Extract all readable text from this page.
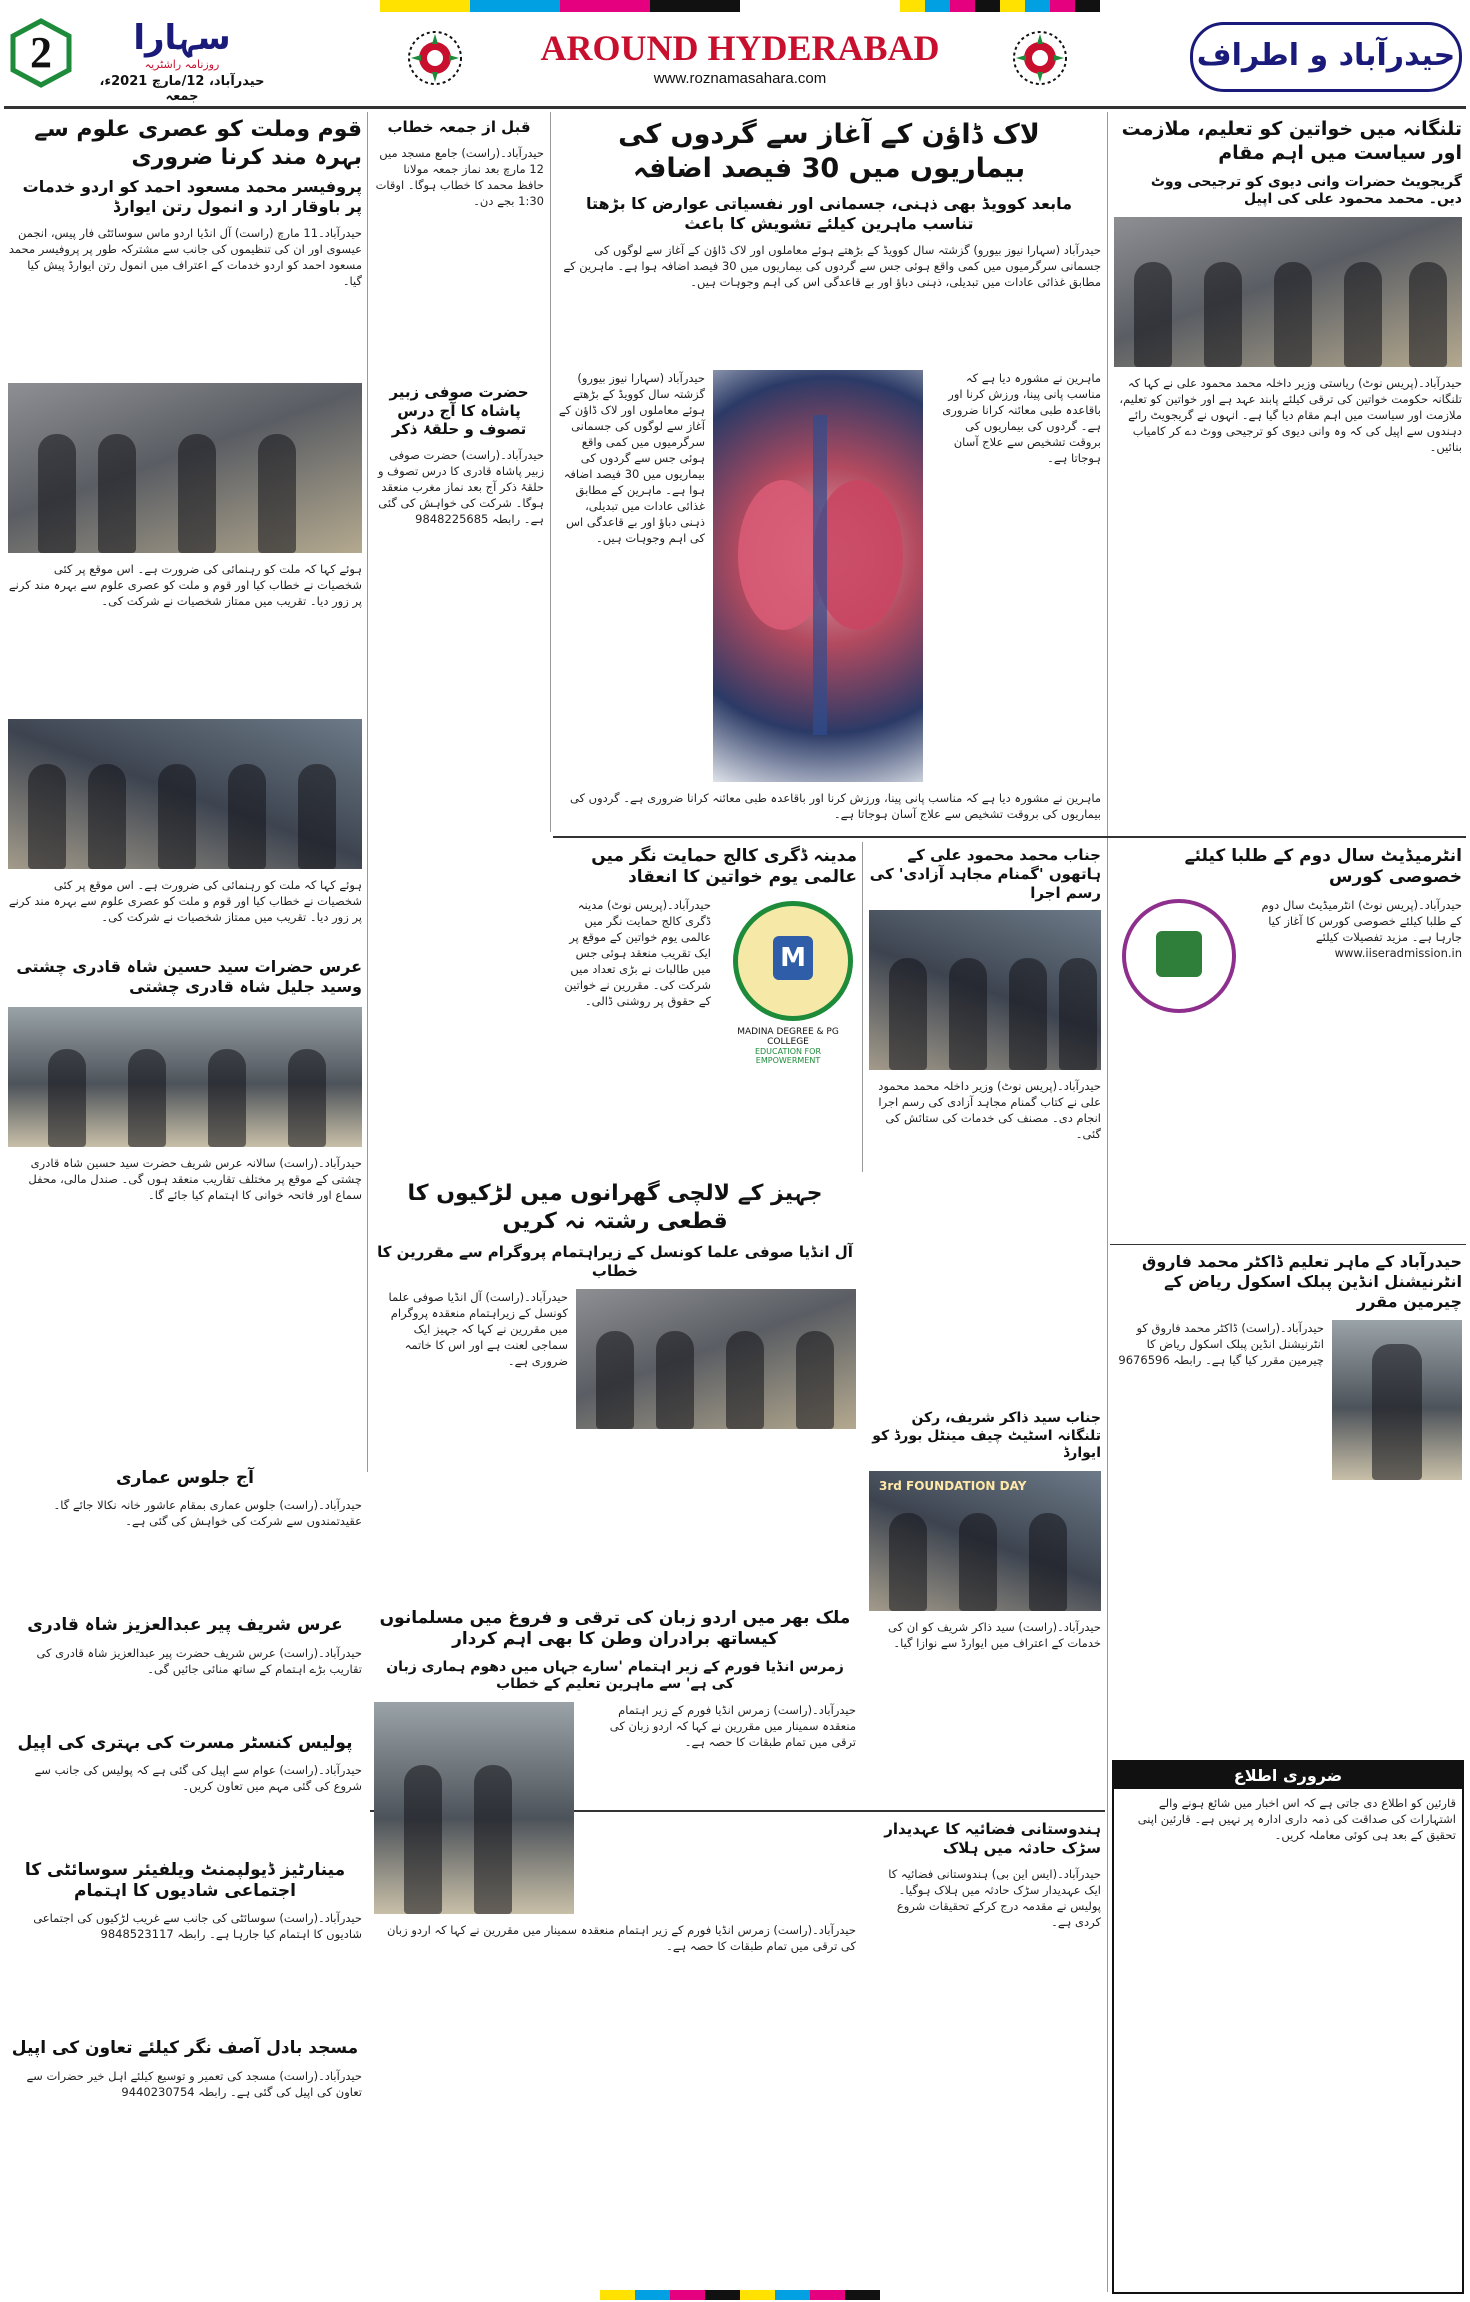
2	سہارا
روزنامہ راشٹریہ
حیدرآباد، 12/مارچ 2021ء، جمعہ
AROUND HYDERABAD
www.roznamasahara.com
حیدرآباد و اطراف
قوم وملت کو عصری علوم سے بہرہ مند کرنا ضروری
پروفیسر محمد مسعود احمد کو اردو خدمات پر باوقار ارد و انمول رتن ایوارڈ
حیدرآباد۔11 مارچ (راست) آل انڈیا اردو ماس سوسائٹی فار پیس، انجمن عیسوی اور ان کی تنظیموں کی جانب سے مشترکہ طور پر پروفیسر محمد مسعود احمد کو اردو خدمات کے اعتراف میں انمول رتن ایوارڈ پیش کیا گیا۔
ہوئے کہا کہ ملت کو رہنمائی کی ضرورت ہے۔ اس موقع پر کئی شخصیات نے خطاب کیا اور قوم و ملت کو عصری علوم سے بہرہ مند کرنے پر زور دیا۔ تقریب میں ممتاز شخصیات نے شرکت کی۔
ہوئے کہا کہ ملت کو رہنمائی کی ضرورت ہے۔ اس موقع پر کئی شخصیات نے خطاب کیا اور قوم و ملت کو عصری علوم سے بہرہ مند کرنے پر زور دیا۔ تقریب میں ممتاز شخصیات نے شرکت کی۔
عرس حضرات سید حسین شاہ قادری چشتی وسید جلیل شاہ قادری چشتی
حیدرآباد۔(راست) سالانہ عرس شریف حضرت سید حسین شاہ قادری چشتی کے موقع پر مختلف تقاریب منعقد ہوں گی۔ صندل مالی، محفل سماع اور فاتحہ خوانی کا اہتمام کیا جائے گا۔
آج جلوس عماری
حیدرآباد۔(راست) جلوس عماری بمقام عاشور خانہ نکالا جائے گا۔ عقیدتمندوں سے شرکت کی خواہش کی گئی ہے۔
عرس شریف پیر عبدالعزیز شاہ قادری
حیدرآباد۔(راست) عرس شریف حضرت پیر عبدالعزیز شاہ قادری کی تقاریب بڑے اہتمام کے ساتھ منائی جائیں گی۔
پولیس کنسٹر مسرت کی بہتری کی اپیل
حیدرآباد۔(راست) عوام سے اپیل کی گئی ہے کہ پولیس کی جانب سے شروع کی گئی مہم میں تعاون کریں۔
مینارٹیز ڈیولپمنٹ ویلفیئر سوسائٹی کا اجتماعی شادیوں کا اہتمام
حیدرآباد۔(راست) سوسائٹی کی جانب سے غریب لڑکیوں کی اجتماعی شادیوں کا اہتمام کیا جارہا ہے۔ رابطہ 9848523117
مسجد بادل آصف نگر کیلئے تعاون کی اپیل
حیدرآباد۔(راست) مسجد کی تعمیر و توسیع کیلئے اہل خیر حضرات سے تعاون کی اپیل کی گئی ہے۔ رابطہ 9440230754
قبل از جمعہ خطاب
حیدرآباد۔(راست) جامع مسجد میں 12 مارچ بعد نماز جمعہ مولانا حافظ محمد کا خطاب ہوگا۔ اوقات 1:30 بجے دن۔
حضرت صوفی زبیر پاشاہ کا آج درس تصوف و حلقۂ ذکر
حیدرآباد۔(راست) حضرت صوفی زبیر پاشاہ قادری کا درس تصوف و حلقۂ ذکر آج بعد نماز مغرب منعقد ہوگا۔ شرکت کی خواہش کی گئی ہے۔ رابطہ 9848225685
لاک ڈاؤن کے آغاز سے گردوں کی بیماریوں میں 30 فیصد اضافہ
مابعد کوویڈ بھی ذہنی، جسمانی اور نفسیاتی عوارض کا بڑھتا تناسب ماہرین کیلئے تشویش کا باعث
حیدرآباد (سہارا نیوز بیورو) گزشتہ سال کوویڈ کے بڑھتے ہوئے معاملوں اور لاک ڈاؤن کے آغاز سے لوگوں کی جسمانی سرگرمیوں میں کمی واقع ہوئی جس سے گردوں کی بیماریوں میں 30 فیصد اضافہ ہوا ہے۔ ماہرین کے مطابق غذائی عادات میں تبدیلی، ذہنی دباؤ اور بے قاعدگی اس کی اہم وجوہات ہیں۔
ماہرین نے مشورہ دیا ہے کہ مناسب پانی پینا، ورزش کرنا اور باقاعدہ طبی معائنہ کرانا ضروری ہے۔ گردوں کی بیماریوں کی بروقت تشخیص سے علاج آسان ہوجاتا ہے۔
حیدرآباد (سہارا نیوز بیورو) گزشتہ سال کوویڈ کے بڑھتے ہوئے معاملوں اور لاک ڈاؤن کے آغاز سے لوگوں کی جسمانی سرگرمیوں میں کمی واقع ہوئی جس سے گردوں کی بیماریوں میں 30 فیصد اضافہ ہوا ہے۔ ماہرین کے مطابق غذائی عادات میں تبدیلی، ذہنی دباؤ اور بے قاعدگی اس کی اہم وجوہات ہیں۔
ماہرین نے مشورہ دیا ہے کہ مناسب پانی پینا، ورزش کرنا اور باقاعدہ طبی معائنہ کرانا ضروری ہے۔ گردوں کی بیماریوں کی بروقت تشخیص سے علاج آسان ہوجاتا ہے۔
تلنگانہ میں خواتین کو تعلیم، ملازمت اور سیاست میں اہم مقام
گریجویٹ حضرات وانی دیوی کو ترجیحی ووٹ دیں۔ محمد محمود علی کی اپیل
حیدرآباد۔(پریس نوٹ) ریاستی وزیر داخلہ محمد محمود علی نے کہا کہ تلنگانہ حکومت خواتین کی ترقی کیلئے پابند عہد ہے اور خواتین کو تعلیم، ملازمت اور سیاست میں اہم مقام دیا گیا ہے۔ انہوں نے گریجویٹ رائے دہندوں سے اپیل کی کہ وہ وانی دیوی کو ترجیحی ووٹ دے کر کامیاب بنائیں۔
مدینہ ڈگری کالج حمایت نگر میں عالمی یوم خواتین کا انعقاد
M
MADINA DEGREE & PG COLLEGE
EDUCATION FOR EMPOWERMENT
حیدرآباد۔(پریس نوٹ) مدینہ ڈگری کالج حمایت نگر میں عالمی یوم خواتین کے موقع پر ایک تقریب منعقد ہوئی جس میں طالبات نے بڑی تعداد میں شرکت کی۔ مقررین نے خواتین کے حقوق پر روشنی ڈالی۔
جناب محمد محمود علی کے ہاتھوں 'گمنام مجاہد آزادی' کی رسم اجرا
حیدرآباد۔(پریس نوٹ) وزیر داخلہ محمد محمود علی نے کتاب گمنام مجاہد آزادی کی رسم اجرا انجام دی۔ مصنف کی خدمات کی ستائش کی گئی۔
انٹرمیڈیٹ سال دوم کے طلبا کیلئے خصوصی کورس
حیدرآباد۔(پریس نوٹ) انٹرمیڈیٹ سال دوم کے طلبا کیلئے خصوصی کورس کا آغاز کیا جارہا ہے۔ مزید تفصیلات کیلئے www.iiseradmission.in
حیدرآباد کے ماہر تعلیم ڈاکٹر محمد فاروق انٹرنیشنل انڈین پبلک اسکول ریاض کے چیرمین مقرر
حیدرآباد۔(راست) ڈاکٹر محمد فاروق کو انٹرنیشنل انڈین پبلک اسکول ریاض کا چیرمین مقرر کیا گیا ہے۔ رابطہ 9676596
ضروری اطلاع
قارئین کو اطلاع دی جاتی ہے کہ اس اخبار میں شائع ہونے والے اشتہارات کی صداقت کی ذمہ داری ادارہ پر نہیں ہے۔ قارئین اپنی تحقیق کے بعد ہی کوئی معاملہ کریں۔
جہیز کے لالچی گھرانوں میں لڑکیوں کا قطعی رشتہ نہ کریں
آل انڈیا صوفی علما کونسل کے زیراہتمام پروگرام سے مقررین کا خطاب
حیدرآباد۔(راست) آل انڈیا صوفی علما کونسل کے زیراہتمام منعقدہ پروگرام میں مقررین نے کہا کہ جہیز ایک سماجی لعنت ہے اور اس کا خاتمہ ضروری ہے۔
جناب سید ذاکر شریف، رکن تلنگانہ اسٹیٹ چیف مینٹل بورڈ کو ایوارڈ
3rd FOUNDATION DAY
حیدرآباد۔(راست) سید ذاکر شریف کو ان کی خدمات کے اعتراف میں ایوارڈ سے نوازا گیا۔
ملک بھر میں اردو زبان کی ترقی و فروغ میں مسلمانوں کیساتھ برادران وطن کا بھی اہم کردار
زمرس انڈیا فورم کے زیر اہتمام 'سارے جہاں میں دھوم ہماری زبان کی ہے' سے ماہرین تعلیم کے خطاب
حیدرآباد۔(راست) زمرس انڈیا فورم کے زیر اہتمام منعقدہ سمینار میں مقررین نے کہا کہ اردو زبان کی ترقی میں تمام طبقات کا حصہ ہے۔
حیدرآباد۔(راست) زمرس انڈیا فورم کے زیر اہتمام منعقدہ سمینار میں مقررین نے کہا کہ اردو زبان کی ترقی میں تمام طبقات کا حصہ ہے۔
ہندوستانی فضائیہ کا عہدیدار سڑک حادثہ میں ہلاک
حیدرآباد۔(ایس این بی) ہندوستانی فضائیہ کا ایک عہدیدار سڑک حادثہ میں ہلاک ہوگیا۔ پولیس نے مقدمہ درج کرکے تحقیقات شروع کردی ہے۔
